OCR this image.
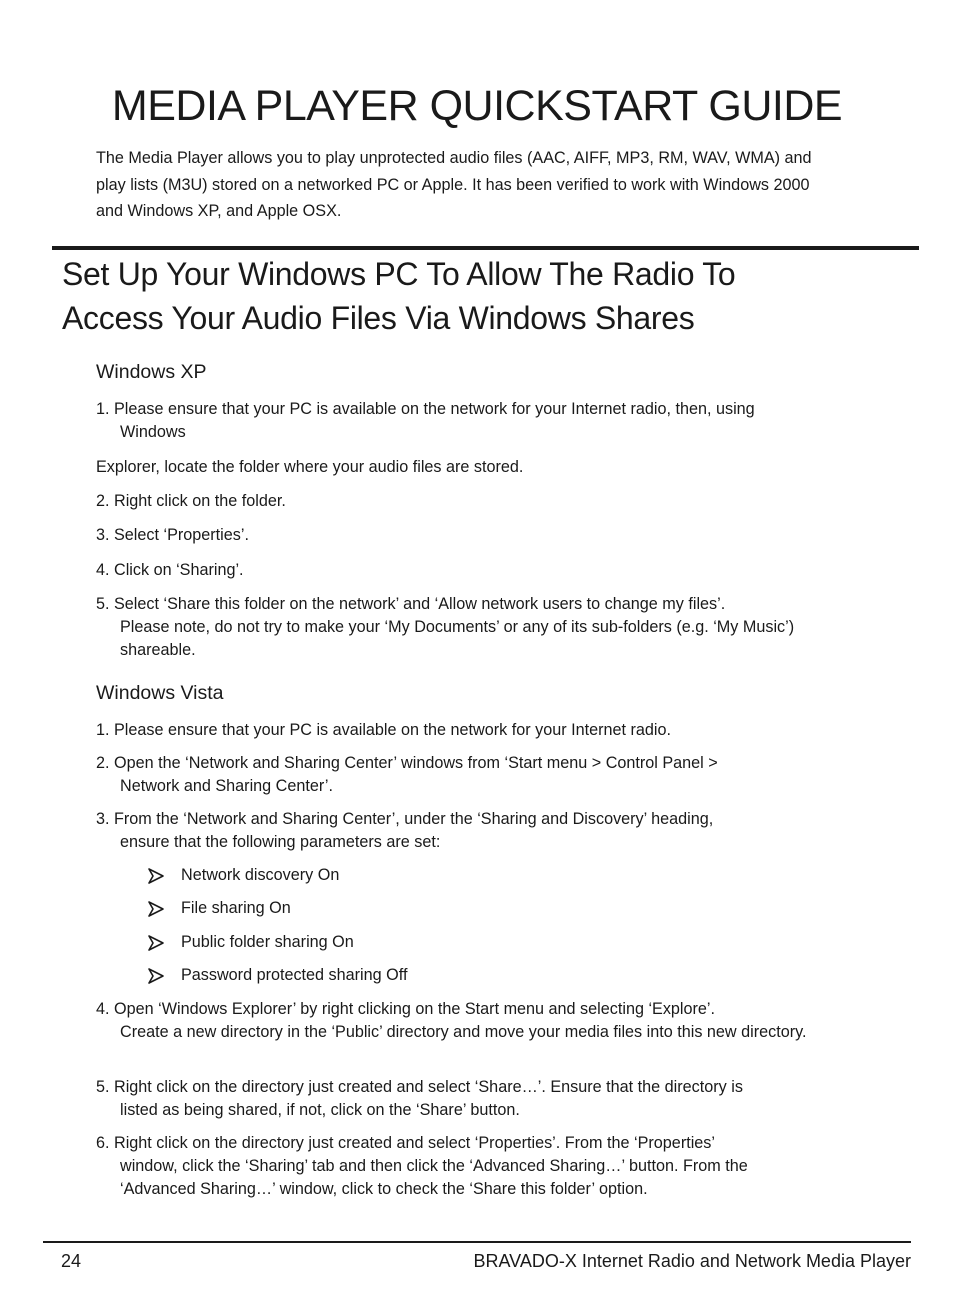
MEDIA PLAYER QUICKSTART GUIDE

The Media Player allows you to play unprotected audio files (AAC, AIFF, MP3, RM, WAV, WMA) and play lists (M3U) stored on a networked PC or Apple. It has been verified to work with Windows 2000 and Windows XP, and Apple OSX.

Set Up Your Windows PC To Allow The Radio To
Access Your Audio Files Via Windows Shares
Windows XP

1. Please ensure that your PC is available on the network for your Internet radio, then, using
Windows

Explorer, locate the folder where your audio files are stored.

2. Right click on the folder.

3. Select ‘Properties’.

4. Click on ‘Sharing’.

5. Select ‘Share this folder on the network’ and ‘Allow network users to change my files’.
Please note, do not try to make your ‘My Documents’ or any of its sub-folders (e.g. ‘My Music’) shareable.

Windows Vista

1. Please ensure that your PC is available on the network for your Internet radio.

2. Open the ‘Network and Sharing Center’ windows from ‘Start menu > Control Panel >
Network and Sharing Center’.

3. From the ‘Network and Sharing Center’, under the ‘Sharing and Discovery’ heading,
ensure that the following parameters are set:

Network discovery On
File sharing On
Public folder sharing On
Password protected sharing Off

4. Open ‘Windows Explorer’ by right clicking on the Start menu and selecting ‘Explore’.
Create a new directory in the ‘Public’ directory and move your media files into this new directory.

5. Right click on the directory just created and select ‘Share…’. Ensure that the directory is
listed as being shared, if not, click on the ‘Share’ button.

6. Right click on the directory just created and select ‘Properties’. From the ‘Properties’
window, click the ‘Sharing’ tab and then click the ‘Advanced Sharing…’ button. From the ‘Advanced Sharing…’ window, click to check the ‘Share this folder’ option.

24	BRAVADO-X Internet Radio and Network Media Player
